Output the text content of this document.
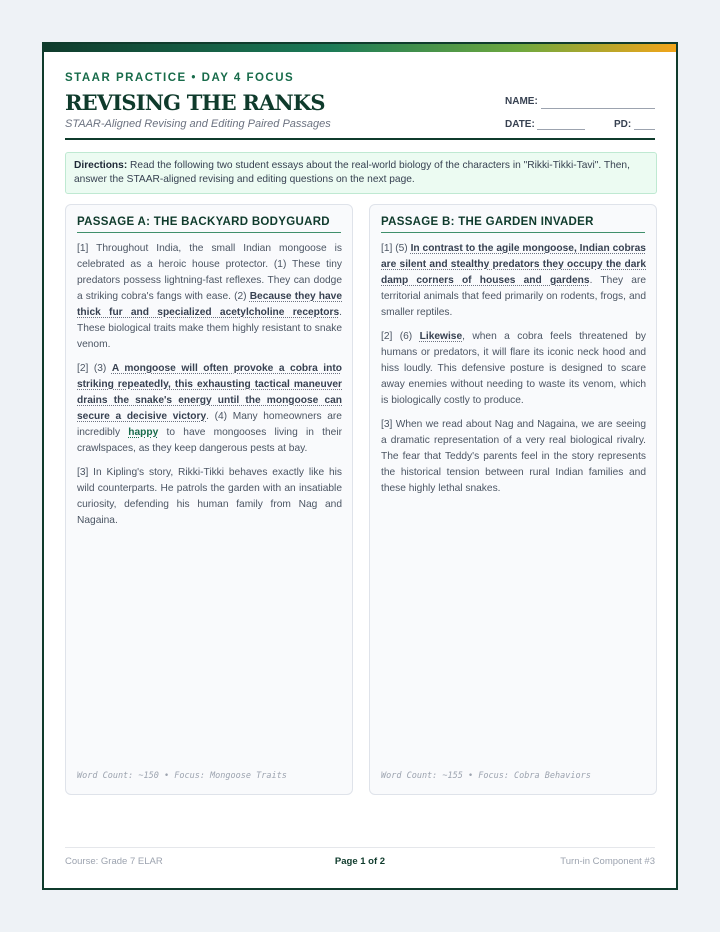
STAAR PRACTICE • DAY 4 FOCUS
REVISING THE RANKS
STAAR-Aligned Revising and Editing Paired Passages
NAME:
DATE:	PD:
Directions: Read the following two student essays about the real-world biology of the characters in "Rikki-Tikki-Tavi". Then, answer the STAAR-aligned revising and editing questions on the next page.
PASSAGE A: THE BACKYARD BODYGUARD

[1] Throughout India, the small Indian mongoose is celebrated as a heroic house protector. (1) These tiny predators possess lightning-fast reflexes. They can dodge a striking cobra's fangs with ease. (2) Because they have thick fur and specialized acetylcholine receptors. These biological traits make them highly resistant to snake venom.

[2] (3) A mongoose will often provoke a cobra into striking repeatedly, this exhausting tactical maneuver drains the snake's energy until the mongoose can secure a decisive victory. (4) Many homeowners are incredibly happy to have mongooses living in their crawlspaces, as they keep dangerous pests at bay.

[3] In Kipling's story, Rikki-Tikki behaves exactly like his wild counterparts. He patrols the garden with an insatiable curiosity, defending his human family from Nag and Nagaina.

Word Count: ~150 • Focus: Mongoose Traits
PASSAGE B: THE GARDEN INVADER

[1] (5) In contrast to the agile mongoose, Indian cobras are silent and stealthy predators they occupy the dark damp corners of houses and gardens. They are territorial animals that feed primarily on rodents, frogs, and smaller reptiles.

[2] (6) Likewise, when a cobra feels threatened by humans or predators, it will flare its iconic neck hood and hiss loudly. This defensive posture is designed to scare away enemies without needing to waste its venom, which is biologically costly to produce.

[3] When we read about Nag and Nagaina, we are seeing a dramatic representation of a very real biological rivalry. The fear that Teddy's parents feel in the story represents the historical tension between rural Indian families and these highly lethal snakes.

Word Count: ~155 • Focus: Cobra Behaviors
Course: Grade 7 ELAR	Page 1 of 2	Turn-in Component #3
